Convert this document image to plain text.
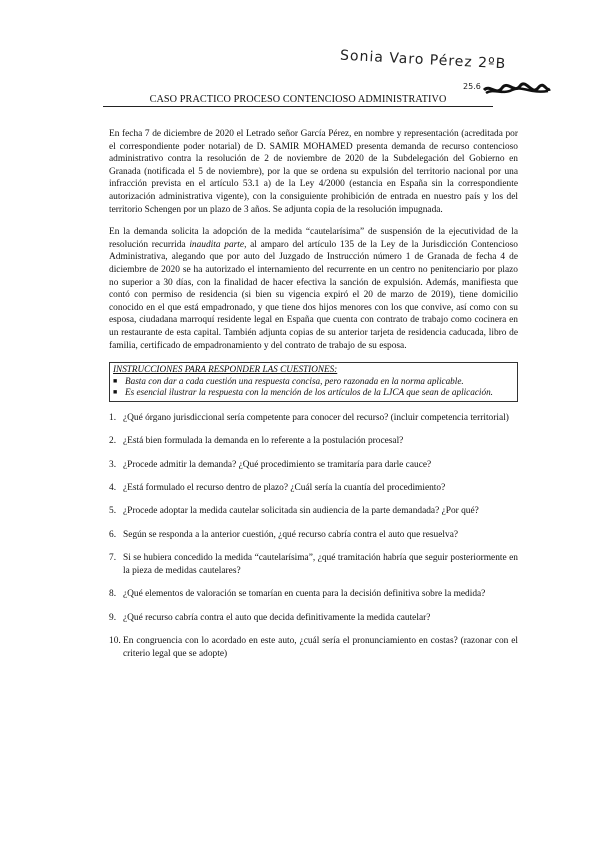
Sonia Varo Pérez 2ºB
25.6
CASO PRACTICO PROCESO CONTENCIOSO ADMINISTRATIVO

En fecha 7 de diciembre de 2020 el Letrado señor García Pérez, en nombre y representación (acreditada por el correspondiente poder notarial) de D. SAMIR MOHAMED presenta demanda de recurso contencioso administrativo contra la resolución de 2 de noviembre de 2020 de la Subdelegación del Gobierno en Granada (notificada el 5 de noviembre), por la que se ordena su expulsión del territorio nacional por una infracción prevista en el artículo 53.1 a) de la Ley 4/2000 (estancia en España sin la correspondiente autorización administrativa vigente), con la consiguiente prohibición de entrada en nuestro país y los del territorio Schengen por un plazo de 3 años. Se adjunta copia de la resolución impugnada.

En la demanda solicita la adopción de la medida “cautelarísima” de suspensión de la ejecutividad de la resolución recurrida inaudita parte, al amparo del artículo 135 de la Ley de la Jurisdicción Contencioso Administrativa, alegando que por auto del Juzgado de Instrucción número 1 de Granada de fecha 4 de diciembre de 2020 se ha autorizado el internamiento del recurrente en un centro no penitenciario por plazo no superior a 30 días, con la finalidad de hacer efectiva la sanción de expulsión. Además, manifiesta que contó con permiso de residencia (si bien su vigencia expiró el 20 de marzo de 2019), tiene domicilio conocido en el que está empadronado, y que tiene dos hijos menores con los que convive, así como con su esposa, ciudadana marroquí residente legal en España que cuenta con contrato de trabajo como cocinera en un restaurante de esta capital. También adjunta copias de su anterior tarjeta de residencia caducada, libro de familia, certificado de empadronamiento y del contrato de trabajo de su esposa.

INSTRUCCIONES PARA RESPONDER LAS CUESTIONES:
■ Basta con dar a cada cuestión una respuesta concisa, pero razonada en la norma aplicable.
■ Es esencial ilustrar la respuesta con la mención de los artículos de la LJCA que sean de aplicación.
1. ¿Qué órgano jurisdiccional sería competente para conocer del recurso? (incluir competencia territorial)
2. ¿Está bien formulada la demanda en lo referente a la postulación procesal?
3. ¿Procede admitir la demanda? ¿Qué procedimiento se tramitaría para darle cauce?
4. ¿Está formulado el recurso dentro de plazo? ¿Cuál sería la cuantía del procedimiento?
5. ¿Procede adoptar la medida cautelar solicitada sin audiencia de la parte demandada? ¿Por qué?
6. Según se responda a la anterior cuestión, ¿qué recurso cabría contra el auto que resuelva?
7. Si se hubiera concedido la medida “cautelarísima”, ¿qué tramitación habría que seguir posteriormente en la pieza de medidas cautelares?
8. ¿Qué elementos de valoración se tomarían en cuenta para la decisión definitiva sobre la medida?
9. ¿Qué recurso cabría contra el auto que decida definitivamente la medida cautelar?
10. En congruencia con lo acordado en este auto, ¿cuál sería el pronunciamiento en costas? (razonar con el criterio legal que se adopte)
